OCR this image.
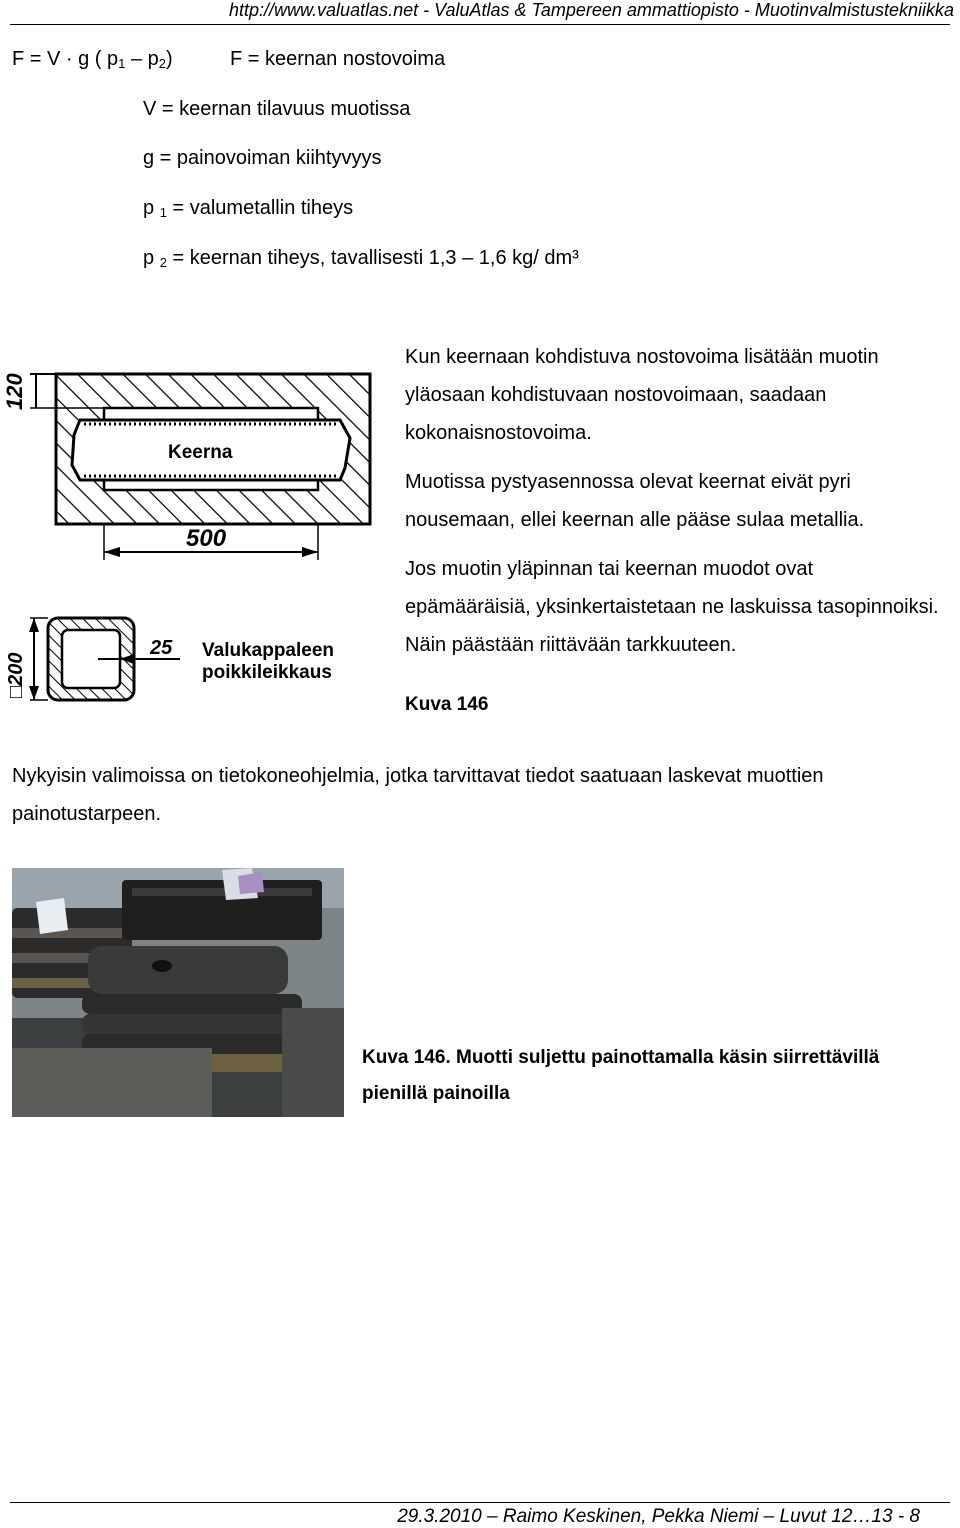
http://www.valuatlas.net - ValuAtlas & Tampereen ammattiopisto - Muotinvalmistustekniikka
F = V · g ( $p_1 - p_2$)	F = keernan nostovoima
V = keernan tilavuus muotissa
g = painovoiman kiihtyvyys
p $_1$ = valumetallin tiheys
p $_2$ = keernan tiheys, tavallisesti 1,3 – 1,6 kg/ dm³
120
500
Keerna
□200
25 Valukappaleen
poikkileikkaus
Kun keernaan kohdistuva nostovoima lisätään muotin yläosaan kohdistuvaan nostovoimaan, saadaan kokonaisnostovoima.
Muotissa pystyasennossa olevat keernat eivät pyri nousemaan, ellei keernan alle pääse sulaa metallia.
Jos muotin yläpinnan tai keernan muodot ovat epämääräisiä, yksinkertaistetaan ne laskuissa tasopinnoiksi. Näin päästään riittävään tarkkuuteen.
Kuva 146
Nykyisin valimoissa on tietokoneohjelmia, jotka tarvittavat tiedot saatuaan laskevat muottien painotustarpeen.
Kuva 146. Muotti suljettu painottamalla käsin siirrettävillä pienillä painoilla
29.3.2010 – Raimo Keskinen, Pekka Niemi – Luvut 12…13 - 8
